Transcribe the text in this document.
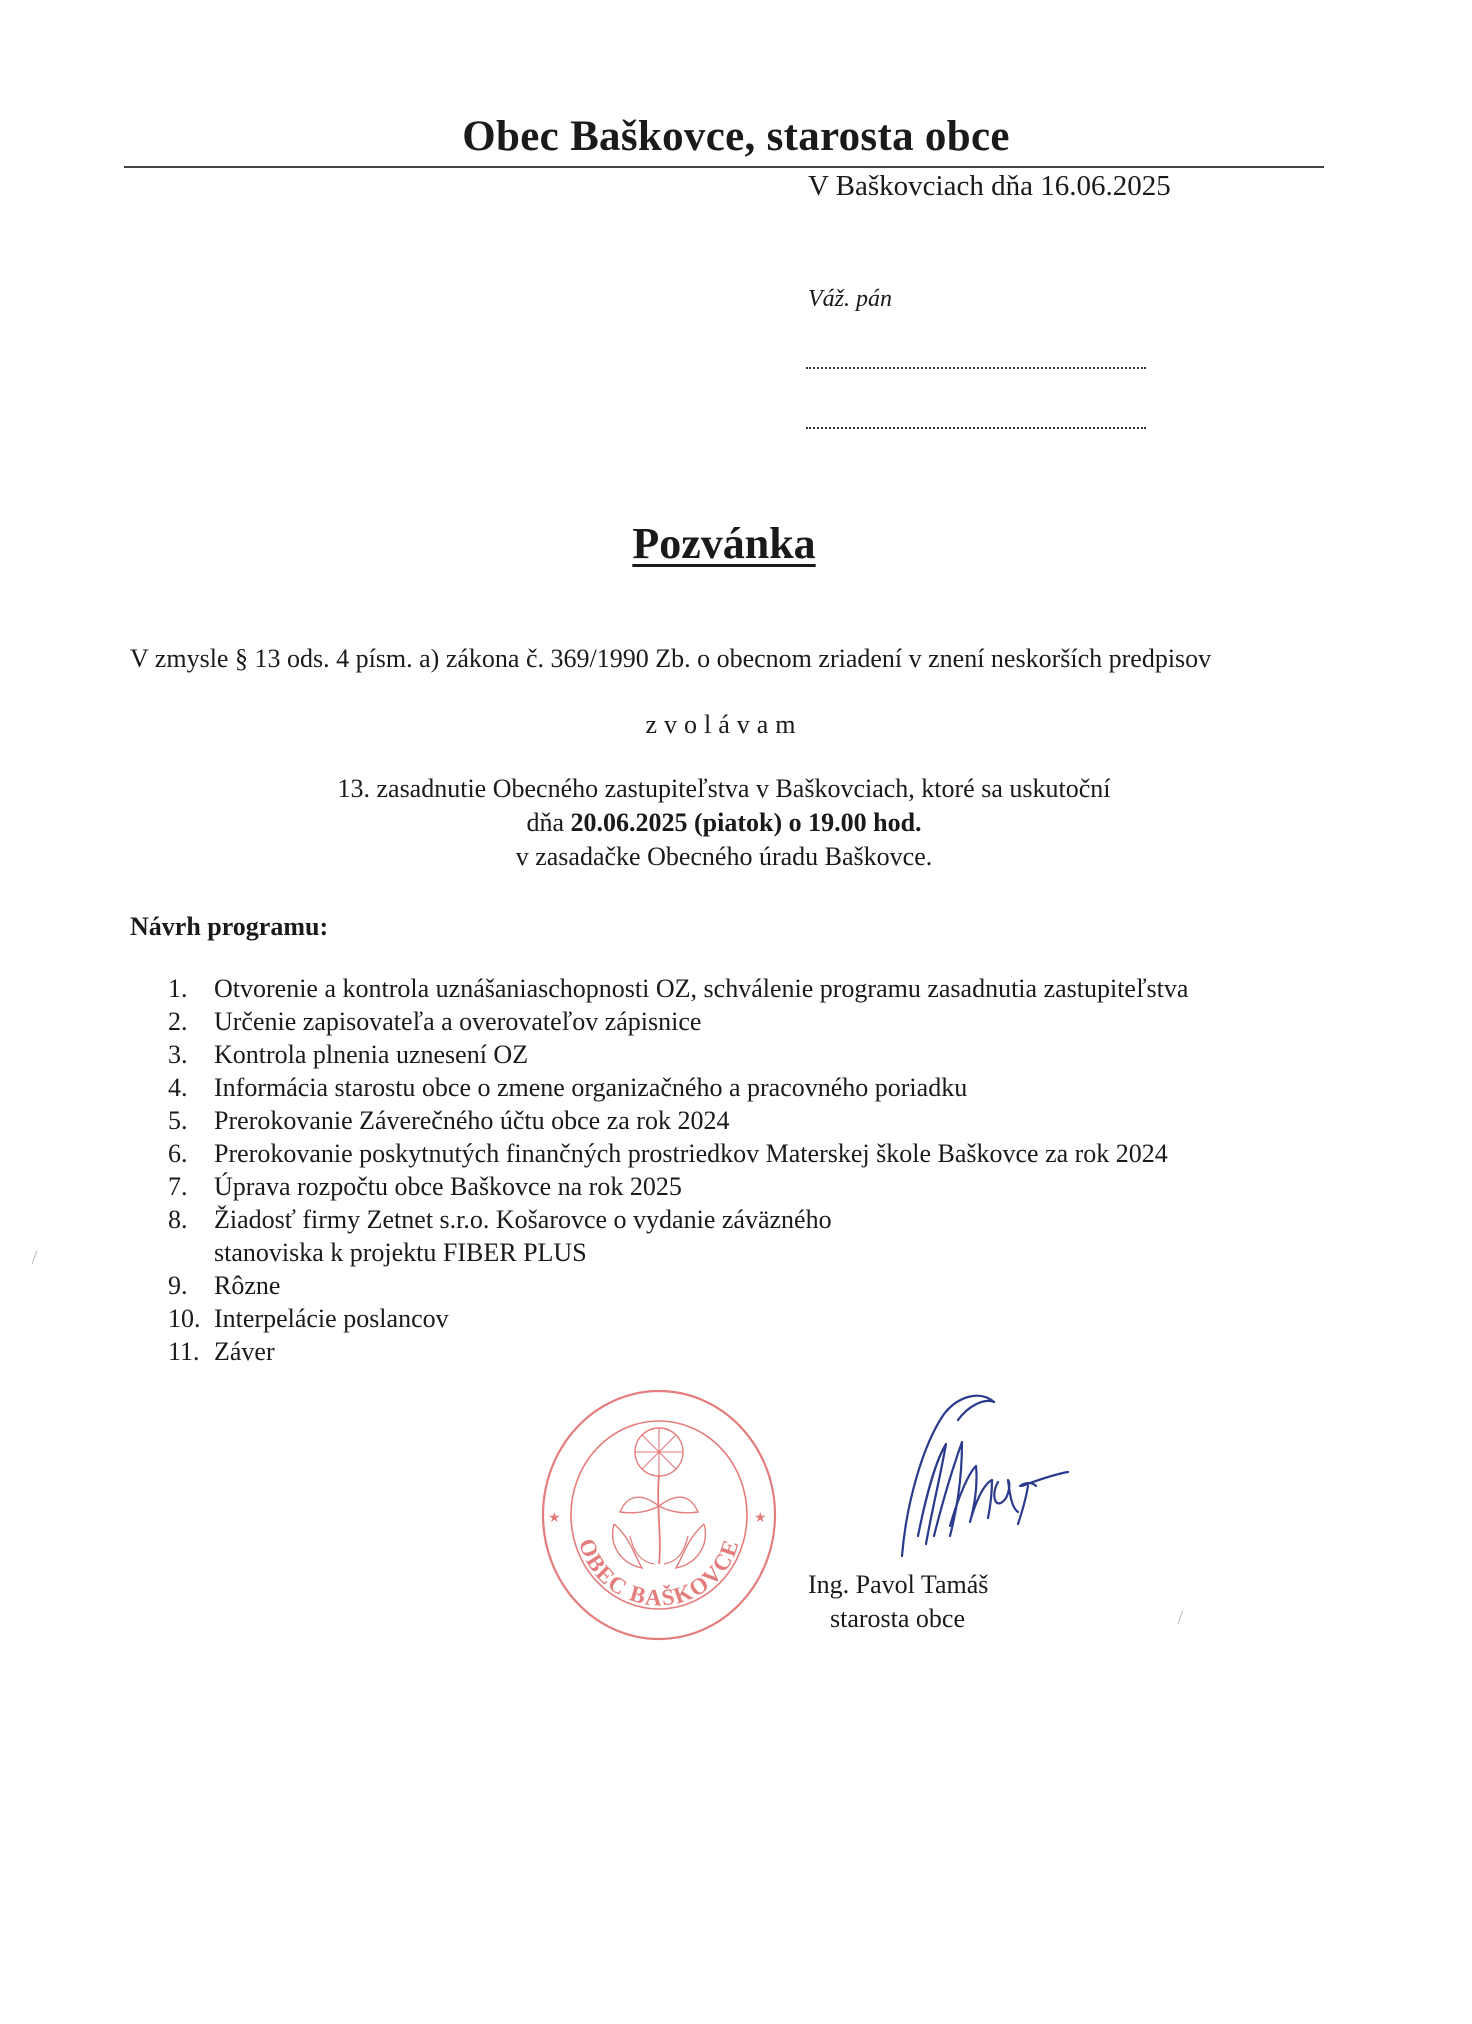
Obec Baškovce, starosta obce
V Baškovciach dňa 16.06.2025
Váž. pán
Pozvánka
V zmysle § 13 ods. 4 písm. a) zákona č. 369/1990 Zb. o obecnom zriadení v znení neskorších predpisov
zvolávam
13. zasadnutie Obecného zastupiteľstva v Baškovciach, ktoré sa uskutoční
dňa 20.06.2025 (piatok) o 19.00 hod.
v zasadačke Obecného úradu Baškovce.
Návrh programu:
1.	Otvorenie a kontrola uznášaniaschopnosti OZ, schválenie programu zasadnutia zastupiteľstva
2.	Určenie zapisovateľa a overovateľov zápisnice
3.	Kontrola plnenia uznesení OZ
4.	Informácia starostu obce o zmene organizačného a pracovného poriadku
5.	Prerokovanie Záverečného účtu obce za rok 2024
6.	Prerokovanie poskytnutých finančných prostriedkov Materskej škole Baškovce za rok 2024
7.	Úprava rozpočtu obce Baškovce na rok 2025
8.	Žiadosť firmy Zetnet s.r.o. Košarovce o vydanie záväzného stanoviska k projektu FIBER PLUS
9.	Rôzne
10. Interpelácie poslancov
11. Záver
★	★
OBEC BAŠKOVCE
Ing. Pavol Tamáš
starosta obce
